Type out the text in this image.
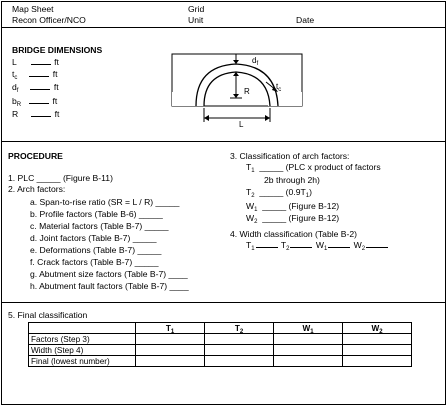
Map Sheet	Grid
Recon Officer/NCO	Unit	Date
BRIDGE DIMENSIONS
L	ft
$t_c$	ft
$d_f$	ft
$b_R$	ft
R	ft
$d_f$
$t_c$
R
L
PROCEDURE
1. PLC _____ (Figure B-11)
2. Arch factors:
a. Span-to-rise ratio (SR = L / R) _____
b. Profile factors (Table B-6) _____
c. Material factors (Table B-7) _____
d. Joint factors (Table B-7) _____
e. Deformations (Table B-7) _____
f. Crack factors (Table B-7) _____
g. Abutment size factors (Table B-7) ____
h. Abutment fault factors (Table B-7) ____
3. Classification of arch factors:
$T_1$ _____ (PLC x product of factors
2b through 2h)
$T_2$ _____ $(0.9T_1)$
$W_1$ _____ (Figure B-12)
$W_2$ _____ (Figure B-12)
4. Width classification (Table B-2)
$T_1$	$T_2$	$W_1$	$W_2$
5. Final classification
	$T_1$	$T_2$	$W_1$	$W_2$
Factors (Step 3)				
Width (Step 4)				
Final (lowest number)				
